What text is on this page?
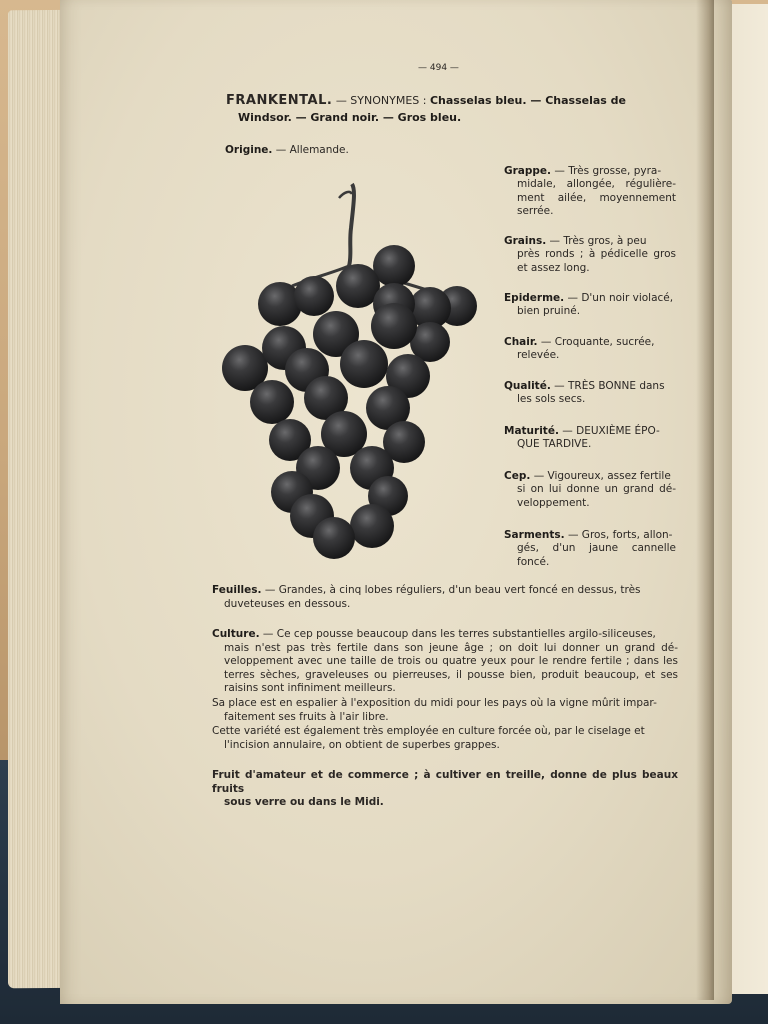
— 494 —
FRANKENTAL. — SYNONYMES : Chasselas bleu. — Chasselas de
Windsor. — Grand noir. — Gros bleu.
Origine. — Allemande.
Grappe. — Très grosse, pyra-
midale, allongée, régulière-ment ailée, moyennement serrée.
Grains. — Très gros, à peu
près ronds ; à pédicelle gros et assez long.
Epiderme. — D'un noir violacé,
bien pruiné.
Chair. — Croquante, sucrée,
relevée.
Qualité. — TRÈS BONNE dans
les sols secs.
Maturité. — DEUXIÈME ÉPO-
QUE TARDIVE.
Cep. — Vigoureux, assez fertile
si on lui donne un grand dé-veloppement.
Sarments. — Gros, forts, allon-
gés, d'un jaune cannelle foncé.
Feuilles. — Grandes, à cinq lobes réguliers, d'un beau vert foncé en dessus, très
duveteuses en dessous.
Culture. — Ce cep pousse beaucoup dans les terres substantielles argilo-siliceuses,
mais n'est pas très fertile dans son jeune âge ; on doit lui donner un grand dé-veloppement avec une taille de trois ou quatre yeux pour le rendre fertile ; dans les terres sèches, graveleuses ou pierreuses, il pousse bien, produit beaucoup, et ses raisins sont infiniment meilleurs.
Sa place est en espalier à l'exposition du midi pour les pays où la vigne mûrit impar-
faitement ses fruits à l'air libre.
Cette variété est également très employée en culture forcée où, par le ciselage et
l'incision annulaire, on obtient de superbes grappes.
Fruit d'amateur et de commerce ; à cultiver en treille, donne de plus beaux fruits
sous verre ou dans le Midi.
